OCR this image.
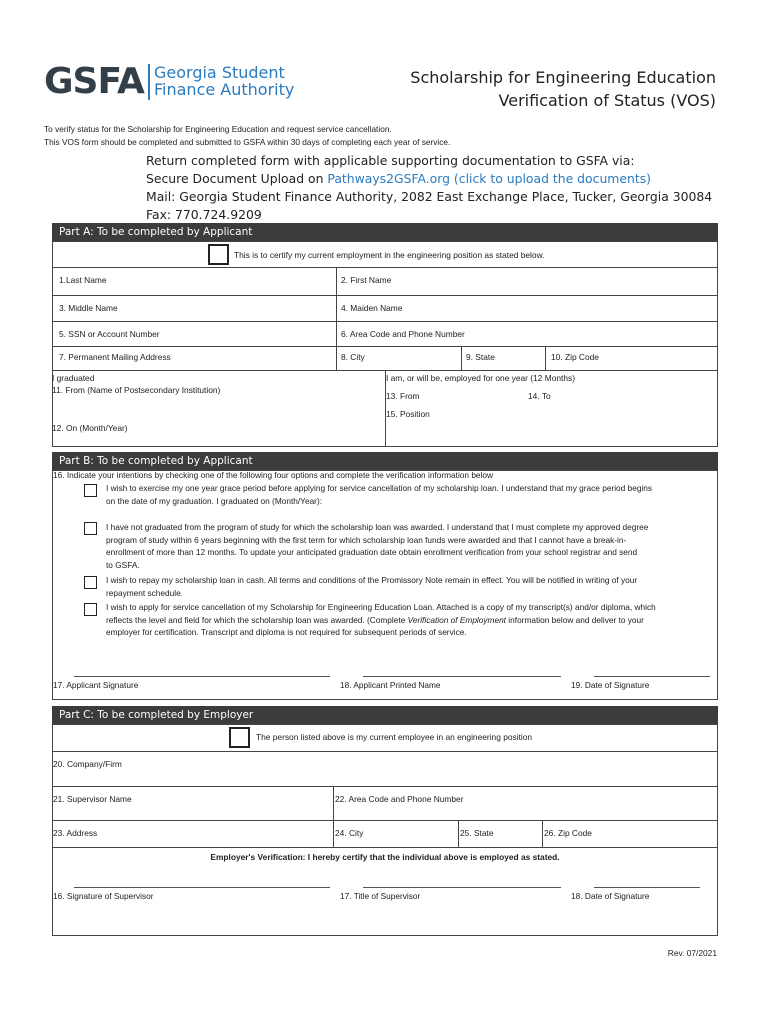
GSFA Georgia Student
Finance Authority
Scholarship for Engineering Education
Verification of Status (VOS)
To verify status for the Scholarship for Engineering Education and request service cancellation.
This VOS form should be completed and submitted to GSFA within 30 days of completing each year of service.
Return completed form with applicable supporting documentation to GSFA via:
Secure Document Upload on Pathways2GSFA.org (click to upload the documents)
Mail: Georgia Student Finance Authority, 2082 East Exchange Place, Tucker, Georgia 30084
Fax: 770.724.9209
Part A: To be completed by Applicant
This is to certify my current employment in the engineering position as stated below.
1.Last Name	2. First Name
3. Middle Name	4. Maiden Name
5. SSN or Account Number	6. Area Code and Phone Number
7. Permanent Mailing Address	8. City	9. State	10. Zip Code
I graduated
11. From (Name of Postsecondary Institution)
12. On (Month/Year)
I am, or will be, employed for one year (12 Months)
13. From	14. To
15. Position
Part B: To be completed by Applicant
16. Indicate your intentions by checking one of the following four options and complete the verification information below
I wish to exercise my one year grace period before applying for service cancellation of my scholarship loan. I understand that my grace period begins
on the date of my graduation. I graduated on (Month/Year):
I have not graduated from the program of study for which the scholarship loan was awarded. I understand that I must complete my approved degree
program of study within 6 years beginning with the first term for which scholarship loan funds were awarded and that I cannot have a break-in-
enrollment of more than 12 months. To update your anticipated graduation date obtain enrollment verification from your school registrar and send
to GSFA.
I wish to repay my scholarship loan in cash. All terms and conditions of the Promissory Note remain in effect. You will be notified in writing of your
repayment schedule.
I wish to apply for service cancellation of my Scholarship for Engineering Education Loan. Attached is a copy of my transcript(s) and/or diploma, which
reflects the level and field for which the scholarship loan was awarded. (Complete Verification of Employment information below and deliver to your
employer for certification. Transcript and diploma is not required for subsequent periods of service.
17. Applicant Signature	18. Applicant Printed Name	19. Date of Signature
Part C: To be completed by Employer
The person listed above is my current employee in an engineering position
20. Company/Firm
21. Supervisor Name	22. Area Code and Phone Number
23. Address	24. City	25. State	26. Zip Code
Employer's Verification: I hereby certify that the individual above is employed as stated.
16. Signature of Supervisor	17. Title of Supervisor	18. Date of Signature
Rev. 07/2021
